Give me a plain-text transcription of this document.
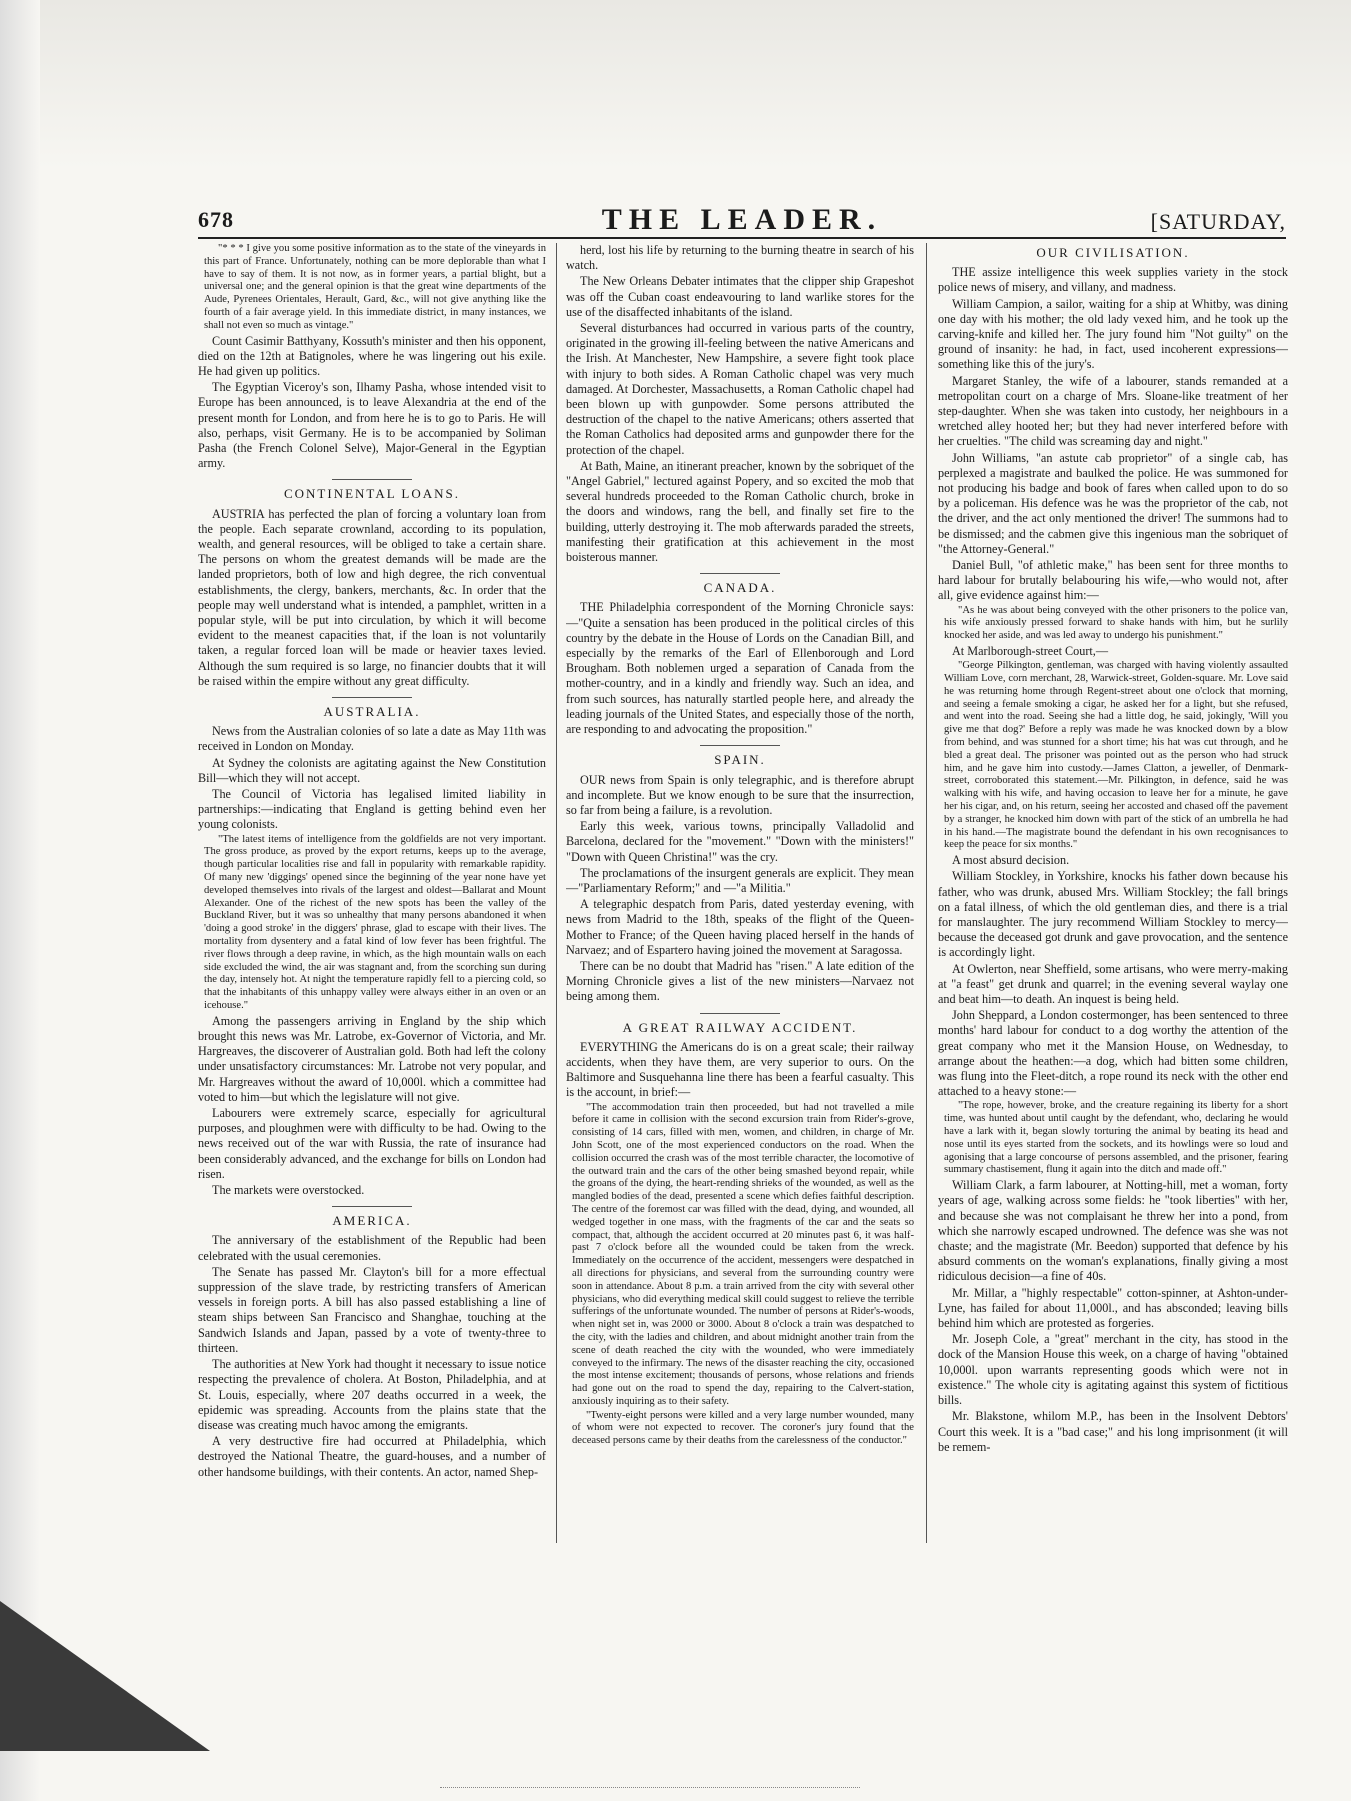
678	THE LEADER.	[SATURDAY,

"* * * I give you some positive information as to the state of the vineyards in this part of France. Unfortunately, nothing can be more deplorable than what I have to say of them. It is not now, as in former years, a partial blight, but a universal one; and the general opinion is that the great wine departments of the Aude, Pyrenees Orientales, Herault, Gard, &c., will not give anything like the fourth of a fair average yield. In this immediate district, in many instances, we shall not even so much as vintage."

Count Casimir Batthyany, Kossuth's minister and then his opponent, died on the 12th at Batignoles, where he was lingering out his exile. He had given up politics.

The Egyptian Viceroy's son, Ilhamy Pasha, whose intended visit to Europe has been announced, is to leave Alexandria at the end of the present month for London, and from here he is to go to Paris. He will also, perhaps, visit Germany. He is to be accompanied by Soliman Pasha (the French Colonel Selve), Major-General in the Egyptian army.

CONTINENTAL LOANS.

AUSTRIA has perfected the plan of forcing a voluntary loan from the people. Each separate crownland, according to its population, wealth, and general resources, will be obliged to take a certain share. The persons on whom the greatest demands will be made are the landed proprietors, both of low and high degree, the rich conventual establishments, the clergy, bankers, merchants, &c. In order that the people may well understand what is intended, a pamphlet, written in a popular style, will be put into circulation, by which it will become evident to the meanest capacities that, if the loan is not voluntarily taken, a regular forced loan will be made or heavier taxes levied. Although the sum required is so large, no financier doubts that it will be raised within the empire without any great difficulty.

AUSTRALIA.

News from the Australian colonies of so late a date as May 11th was received in London on Monday.

At Sydney the colonists are agitating against the New Constitution Bill—which they will not accept.

The Council of Victoria has legalised limited liability in partnerships:—indicating that England is getting behind even her young colonists.

"The latest items of intelligence from the goldfields are not very important. The gross produce, as proved by the export returns, keeps up to the average, though particular localities rise and fall in popularity with remarkable rapidity. Of many new 'diggings' opened since the beginning of the year none have yet developed themselves into rivals of the largest and oldest—Ballarat and Mount Alexander. One of the richest of the new spots has been the valley of the Buckland River, but it was so unhealthy that many persons abandoned it when 'doing a good stroke' in the diggers' phrase, glad to escape with their lives. The mortality from dysentery and a fatal kind of low fever has been frightful. The river flows through a deep ravine, in which, as the high mountain walls on each side excluded the wind, the air was stagnant and, from the scorching sun during the day, intensely hot. At night the temperature rapidly fell to a piercing cold, so that the inhabitants of this unhappy valley were always either in an oven or an icehouse."

Among the passengers arriving in England by the ship which brought this news was Mr. Latrobe, ex-Governor of Victoria, and Mr. Hargreaves, the discoverer of Australian gold. Both had left the colony under unsatisfactory circumstances: Mr. Latrobe not very popular, and Mr. Hargreaves without the award of 10,000l. which a committee had voted to him—but which the legislature will not give.

Labourers were extremely scarce, especially for agricultural purposes, and ploughmen were with difficulty to be had. Owing to the news received out of the war with Russia, the rate of insurance had been considerably advanced, and the exchange for bills on London had risen.

The markets were overstocked.

AMERICA.

The anniversary of the establishment of the Republic had been celebrated with the usual ceremonies.

The Senate has passed Mr. Clayton's bill for a more effectual suppression of the slave trade, by restricting transfers of American vessels in foreign ports. A bill has also passed establishing a line of steam ships between San Francisco and Shanghae, touching at the Sandwich Islands and Japan, passed by a vote of twenty-three to thirteen.

The authorities at New York had thought it necessary to issue notice respecting the prevalence of cholera. At Boston, Philadelphia, and at St. Louis, especially, where 207 deaths occurred in a week, the epidemic was spreading. Accounts from the plains state that the disease was creating much havoc among the emigrants.

A very destructive fire had occurred at Philadelphia, which destroyed the National Theatre, the guard-houses, and a number of other handsome buildings, with their contents. An actor, named Shep-

herd, lost his life by returning to the burning theatre in search of his watch.

The New Orleans Debater intimates that the clipper ship Grapeshot was off the Cuban coast endeavouring to land warlike stores for the use of the disaffected inhabitants of the island.

Several disturbances had occurred in various parts of the country, originated in the growing ill-feeling between the native Americans and the Irish. At Manchester, New Hampshire, a severe fight took place with injury to both sides. A Roman Catholic chapel was very much damaged. At Dorchester, Massachusetts, a Roman Catholic chapel had been blown up with gunpowder. Some persons attributed the destruction of the chapel to the native Americans; others asserted that the Roman Catholics had deposited arms and gunpowder there for the protection of the chapel.

At Bath, Maine, an itinerant preacher, known by the sobriquet of the "Angel Gabriel," lectured against Popery, and so excited the mob that several hundreds proceeded to the Roman Catholic church, broke in the doors and windows, rang the bell, and finally set fire to the building, utterly destroying it. The mob afterwards paraded the streets, manifesting their gratification at this achievement in the most boisterous manner.

CANADA.

THE Philadelphia correspondent of the Morning Chronicle says:—"Quite a sensation has been produced in the political circles of this country by the debate in the House of Lords on the Canadian Bill, and especially by the remarks of the Earl of Ellenborough and Lord Brougham. Both noblemen urged a separation of Canada from the mother-country, and in a kindly and friendly way. Such an idea, and from such sources, has naturally startled people here, and already the leading journals of the United States, and especially those of the north, are responding to and advocating the proposition."

SPAIN.

OUR news from Spain is only telegraphic, and is therefore abrupt and incomplete. But we know enough to be sure that the insurrection, so far from being a failure, is a revolution.

Early this week, various towns, principally Valladolid and Barcelona, declared for the "movement." "Down with the ministers!" "Down with Queen Christina!" was the cry.

The proclamations of the insurgent generals are explicit. They mean—"Parliamentary Reform;" and —"a Militia."

A telegraphic despatch from Paris, dated yesterday evening, with news from Madrid to the 18th, speaks of the flight of the Queen-Mother to France; of the Queen having placed herself in the hands of Narvaez; and of Espartero having joined the movement at Saragossa.

There can be no doubt that Madrid has "risen." A late edition of the Morning Chronicle gives a list of the new ministers—Narvaez not being among them.

A GREAT RAILWAY ACCIDENT.

EVERYTHING the Americans do is on a great scale; their railway accidents, when they have them, are very superior to ours. On the Baltimore and Susquehanna line there has been a fearful casualty. This is the account, in brief:—

"The accommodation train then proceeded, but had not travelled a mile before it came in collision with the second excursion train from Rider's-grove, consisting of 14 cars, filled with men, women, and children, in charge of Mr. John Scott, one of the most experienced conductors on the road. When the collision occurred the crash was of the most terrible character, the locomotive of the outward train and the cars of the other being smashed beyond repair, while the groans of the dying, the heart-rending shrieks of the wounded, as well as the mangled bodies of the dead, presented a scene which defies faithful description. The centre of the foremost car was filled with the dead, dying, and wounded, all wedged together in one mass, with the fragments of the car and the seats so compact, that, although the accident occurred at 20 minutes past 6, it was half-past 7 o'clock before all the wounded could be taken from the wreck. Immediately on the occurrence of the accident, messengers were despatched in all directions for physicians, and several from the surrounding country were soon in attendance. About 8 p.m. a train arrived from the city with several other physicians, who did everything medical skill could suggest to relieve the terrible sufferings of the unfortunate wounded. The number of persons at Rider's-woods, when night set in, was 2000 or 3000. About 8 o'clock a train was despatched to the city, with the ladies and children, and about midnight another train from the scene of death reached the city with the wounded, who were immediately conveyed to the infirmary. The news of the disaster reaching the city, occasioned the most intense excitement; thousands of persons, whose relations and friends had gone out on the road to spend the day, repairing to the Calvert-station, anxiously inquiring as to their safety.

"Twenty-eight persons were killed and a very large number wounded, many of whom were not expected to recover. The coroner's jury found that the deceased persons came by their deaths from the carelessness of the conductor."

OUR CIVILISATION.

THE assize intelligence this week supplies variety in the stock police news of misery, and villany, and madness.

William Campion, a sailor, waiting for a ship at Whitby, was dining one day with his mother; the old lady vexed him, and he took up the carving-knife and killed her. The jury found him "Not guilty" on the ground of insanity: he had, in fact, used incoherent expressions—something like this of the jury's.

Margaret Stanley, the wife of a labourer, stands remanded at a metropolitan court on a charge of Mrs. Sloane-like treatment of her step-daughter. When she was taken into custody, her neighbours in a wretched alley hooted her; but they had never interfered before with her cruelties. "The child was screaming day and night."

John Williams, "an astute cab proprietor" of a single cab, has perplexed a magistrate and baulked the police. He was summoned for not producing his badge and book of fares when called upon to do so by a policeman. His defence was he was the proprietor of the cab, not the driver, and the act only mentioned the driver! The summons had to be dismissed; and the cabmen give this ingenious man the sobriquet of "the Attorney-General."

Daniel Bull, "of athletic make," has been sent for three months to hard labour for brutally belabouring his wife,—who would not, after all, give evidence against him:—

"As he was about being conveyed with the other prisoners to the police van, his wife anxiously pressed forward to shake hands with him, but he surlily knocked her aside, and was led away to undergo his punishment."

At Marlborough-street Court,—

"George Pilkington, gentleman, was charged with having violently assaulted William Love, corn merchant, 28, Warwick-street, Golden-square. Mr. Love said he was returning home through Regent-street about one o'clock that morning, and seeing a female smoking a cigar, he asked her for a light, but she refused, and went into the road. Seeing she had a little dog, he said, jokingly, 'Will you give me that dog?' Before a reply was made he was knocked down by a blow from behind, and was stunned for a short time; his hat was cut through, and he bled a great deal. The prisoner was pointed out as the person who had struck him, and he gave him into custody.—James Clatton, a jeweller, of Denmark-street, corroborated this statement.—Mr. Pilkington, in defence, said he was walking with his wife, and having occasion to leave her for a minute, he gave her his cigar, and, on his return, seeing her accosted and chased off the pavement by a stranger, he knocked him down with part of the stick of an umbrella he had in his hand.—The magistrate bound the defendant in his own recognisances to keep the peace for six months."

A most absurd decision.

William Stockley, in Yorkshire, knocks his father down because his father, who was drunk, abused Mrs. William Stockley; the fall brings on a fatal illness, of which the old gentleman dies, and there is a trial for manslaughter. The jury recommend William Stockley to mercy—because the deceased got drunk and gave provocation, and the sentence is accordingly light.

At Owlerton, near Sheffield, some artisans, who were merry-making at "a feast" get drunk and quarrel; in the evening several waylay one and beat him—to death. An inquest is being held.

John Sheppard, a London costermonger, has been sentenced to three months' hard labour for conduct to a dog worthy the attention of the great company who met it the Mansion House, on Wednesday, to arrange about the heathen:—a dog, which had bitten some children, was flung into the Fleet-ditch, a rope round its neck with the other end attached to a heavy stone:—

"The rope, however, broke, and the creature regaining its liberty for a short time, was hunted about until caught by the defendant, who, declaring he would have a lark with it, began slowly torturing the animal by beating its head and nose until its eyes started from the sockets, and its howlings were so loud and agonising that a large concourse of persons assembled, and the prisoner, fearing summary chastisement, flung it again into the ditch and made off."

William Clark, a farm labourer, at Notting-hill, met a woman, forty years of age, walking across some fields: he "took liberties" with her, and because she was not complaisant he threw her into a pond, from which she narrowly escaped undrowned. The defence was she was not chaste; and the magistrate (Mr. Beedon) supported that defence by his absurd comments on the woman's explanations, finally giving a most ridiculous decision—a fine of 40s.

Mr. Millar, a "highly respectable" cotton-spinner, at Ashton-under-Lyne, has failed for about 11,000l., and has absconded; leaving bills behind him which are protested as forgeries.

Mr. Joseph Cole, a "great" merchant in the city, has stood in the dock of the Mansion House this week, on a charge of having "obtained 10,000l. upon warrants representing goods which were not in existence." The whole city is agitating against this system of fictitious bills.

Mr. Blakstone, whilom M.P., has been in the Insolvent Debtors' Court this week. It is a "bad case;" and his long imprisonment (it will be remem-
